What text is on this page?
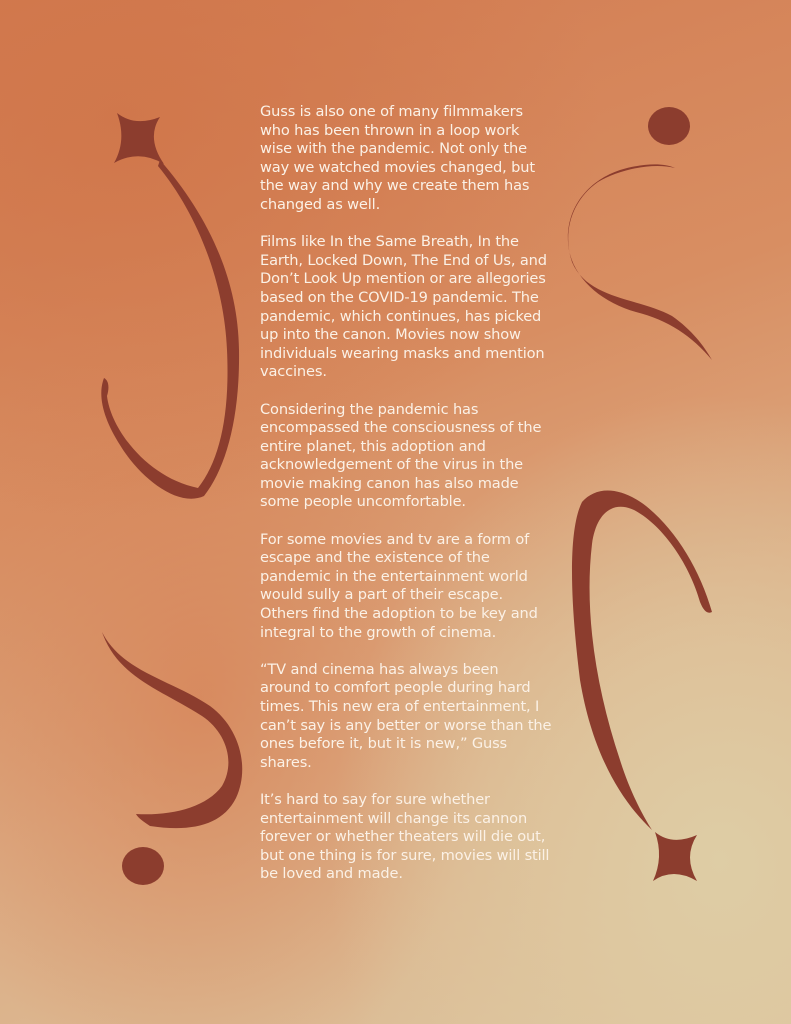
Guss is also one of many filmmakers who has been thrown in a loop work wise with the pandemic. Not only the way we watched movies changed, but the way and why we create them has changed as well.

Films like In the Same Breath, In the Earth, Locked Down, The End of Us, and Don’t Look Up mention or are allegories based on the COVID-19 pandemic. The pandemic, which continues, has picked up into the canon. Movies now show individuals wearing masks and mention vaccines.

Considering the pandemic has encompassed the consciousness of the entire planet, this adoption and acknowledgement of the virus in the movie making canon has also made some people uncomfortable.

For some movies and tv are a form of escape and the existence of the pandemic in the entertainment world would sully a part of their escape. Others find the adoption to be key and integral to the growth of cinema.

“TV and cinema has always been around to comfort people during hard times. This new era of entertainment, I can’t say is any better or worse than the ones before it, but it is new,” Guss shares.

It’s hard to say for sure whether entertainment will change its cannon forever or whether theaters will die out, but one thing is for sure, movies will still be loved and made.
